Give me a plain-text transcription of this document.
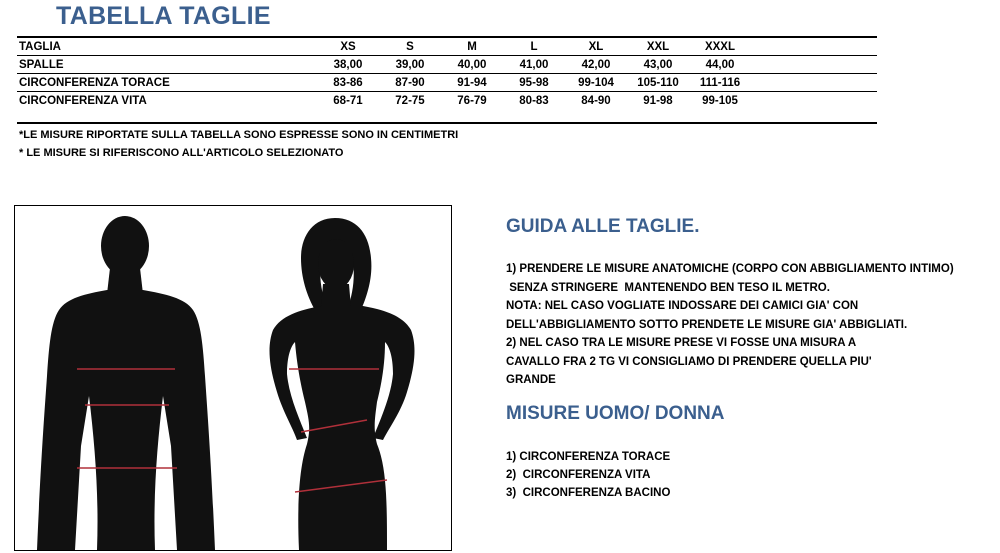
TABELLA TAGLIE
TAGLIA	XS	S	M	L	XL	XXL	XXXL	
SPALLE	38,00	39,00	40,00	41,00	42,00	43,00	44,00	
CIRCONFERENZA TORACE	83-86	87-90	91-94	95-98	99-104	105-110	111-116	
CIRCONFERENZA VITA	68-71	72-75	76-79	80-83	84-90	91-98	99-105	
*LE MISURE RIPORTATE SULLA TABELLA SONO ESPRESSE SONO IN CENTIMETRI
* LE MISURE SI RIFERISCONO ALL'ARTICOLO SELEZIONATO
GUIDA ALLE TAGLIE.
1) PRENDERE LE MISURE ANATOMICHE (CORPO CON ABBIGLIAMENTO INTIMO)
SENZA STRINGERE  MANTENENDO BEN TESO IL METRO.
NOTA: NEL CASO VOGLIATE INDOSSARE DEI CAMICI GIA' CON
DELL'ABBIGLIAMENTO SOTTO PRENDETE LE MISURE GIA' ABBIGLIATI.
2) NEL CASO TRA LE MISURE PRESE VI FOSSE UNA MISURA A
CAVALLO FRA 2 TG VI CONSIGLIAMO DI PRENDERE QUELLA PIU'
GRANDE
MISURE UOMO/ DONNA
1) CIRCONFERENZA TORACE
2)  CIRCONFERENZA VITA
3)  CIRCONFERENZA BACINO
